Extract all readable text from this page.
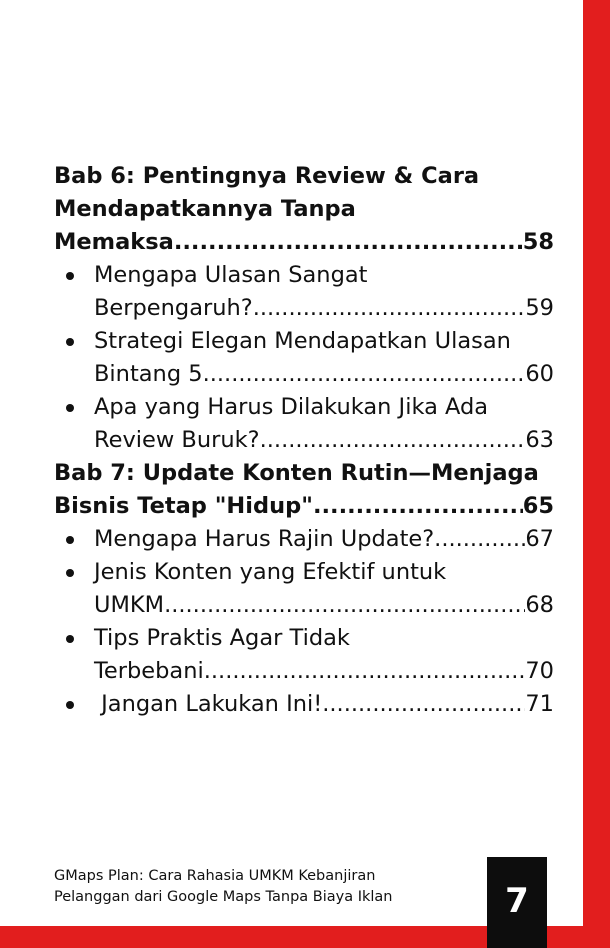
Bab 6: Pentingnya Review & Cara
Mendapatkannya Tanpa
Memaksa .....	58
Mengapa Ulasan Sangat
Berpengaruh? .....	59
Strategi Elegan Mendapatkan Ulasan
Bintang 5. .....	60
Apa yang Harus Dilakukan Jika Ada
Review Buruk? .....	63
Bab 7: Update Konten Rutin—Menjaga
Bisnis Tetap "Hidup" .....	65
Mengapa Harus Rajin Update? .....	67
Jenis Konten yang Efektif untuk
UMKM .....	68
Tips Praktis Agar Tidak
Terbebani .....	70
Jangan Lakukan Ini! .....	71
GMaps Plan: Cara Rahasia UMKM Kebanjiran
Pelanggan dari Google Maps Tanpa Biaya Iklan	7
